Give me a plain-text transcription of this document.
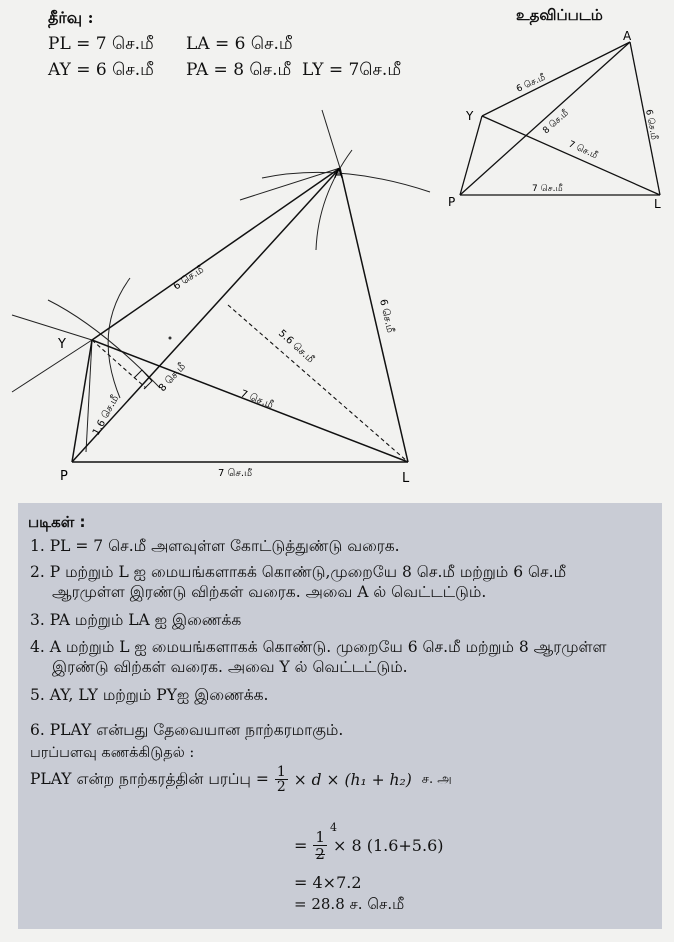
தீர்வு :
PL = 7 செ.மீ LA = 6 செ.மீ
AY = 6 செ.மீ PA = 8 செ.மீ LY = 7செ.மீ
உதவிப்படம்
A
Y
P	L
6 செ.மீ
8 செ.மீ
7 செ.மீ
6 செ.மீ
7 செ.மீ
A
Y
P	L
6 செ.மீ
6 செ.மீ
8 செ.மீ
7 செ.மீ
7 செ.மீ
1.6 செ.மீ
5.6 செ.மீ
படிகள் :
1. PL = 7 செ.மீ அளவுள்ள கோட்டுத்துண்டு வரைக.
2. P மற்றும் L ஐ மையங்களாகக் கொண்டு,முறையே 8 செ.மீ மற்றும் 6 செ.மீ
ஆரமுள்ள இரண்டு விற்கள் வரைக. அவை A ல் வெட்டட்டும்.
3. PA மற்றும் LA ஐ இணைக்க
4. A மற்றும் L ஐ மையங்களாகக் கொண்டு. முறையே 6 செ.மீ மற்றும் 8 ஆரமுள்ள
இரண்டு விற்கள் வரைக. அவை Y ல் வெட்டட்டும்.
5. AY, LY மற்றும் PYஐ இணைக்க.
6. PLAY என்பது தேவையான நாற்கரமாகும்.
பரப்பளவு கணக்கிடுதல் :
PLAY என்ற நாற்கரத்தின் பரப்பு = $\frac{1}{2} \times d \times (h_1 + h_2)$ ச. அ
4
= $\frac{1}{2} \times 8$ (1.6+5.6)
= 4×7.2
= 28.8 ச. செ.மீ
